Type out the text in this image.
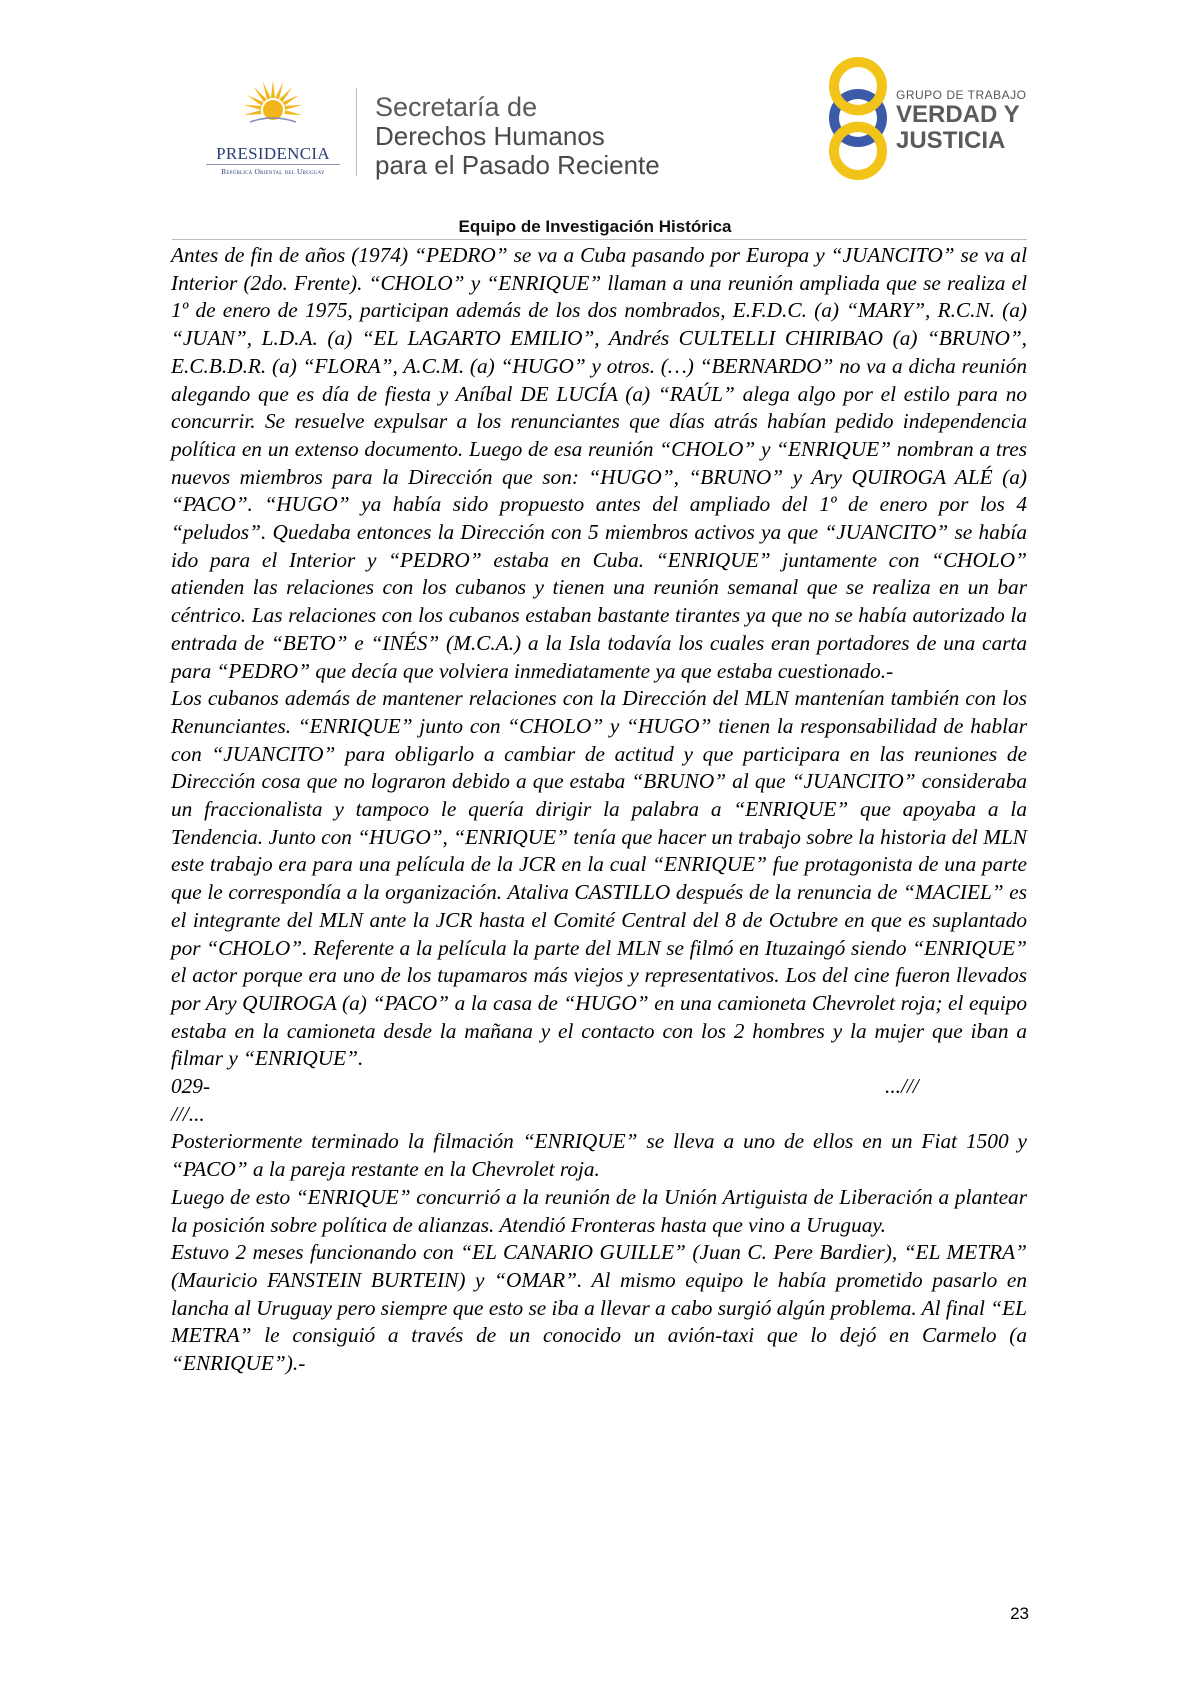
PRESIDENCIA
República Oriental del Uruguay
Secretaría de
Derechos Humanos
para el Pasado Reciente
GRUPO DE TRABAJO
VERDAD Y
JUSTICIA
Equipo de Investigación Histórica

Antes de fin de años (1974) “PEDRO” se va a Cuba pasando por Europa y “JUANCITO” se va al Interior (2do. Frente). “CHOLO” y “ENRIQUE” llaman a una reunión ampliada que se realiza el 1º de enero de 1975, participan además de los dos nombrados, E.F.D.C. (a) “MARY”, R.C.N. (a) “JUAN”, L.D.A. (a) “EL LAGARTO EMILIO”, Andrés CULTELLI CHIRIBAO (a) “BRUNO”, E.C.B.D.R. (a) “FLORA”, A.C.M. (a) “HUGO” y otros. (…) “BERNARDO” no va a dicha reunión alegando que es día de fiesta y Aníbal DE LUCÍA (a) “RAÚL” alega algo por el estilo para no concurrir. Se resuelve expulsar a los renunciantes que días atrás habían pedido independencia política en un extenso documento. Luego de esa reunión “CHOLO” y “ENRIQUE” nombran a tres nuevos miembros para la Dirección que son: “HUGO”, “BRUNO” y Ary QUIROGA ALÉ (a) “PACO”. “HUGO” ya había sido propuesto antes del ampliado del 1º de enero por los 4 “peludos”. Quedaba entonces la Dirección con 5 miembros activos ya que “JUANCITO” se había ido para el Interior y “PEDRO” estaba en Cuba. “ENRIQUE” juntamente con “CHOLO” atienden las relaciones con los cubanos y tienen una reunión semanal que se realiza en un bar céntrico. Las relaciones con los cubanos estaban bastante tirantes ya que no se había autorizado la entrada de “BETO” e “INÉS” (M.C.A.) a la Isla todavía los cuales eran portadores de una carta para “PEDRO” que decía que volviera inmediatamente ya que estaba cuestionado.-

Los cubanos además de mantener relaciones con la Dirección del MLN mantenían también con los Renunciantes. “ENRIQUE” junto con “CHOLO” y “HUGO” tienen la responsabilidad de hablar con “JUANCITO” para obligarlo a cambiar de actitud y que participara en las reuniones de Dirección cosa que no lograron debido a que estaba “BRUNO” al que “JUANCITO” consideraba un fraccionalista y tampoco le quería dirigir la palabra a “ENRIQUE” que apoyaba a la Tendencia. Junto con “HUGO”, “ENRIQUE” tenía que hacer un trabajo sobre la historia del MLN este trabajo era para una película de la JCR en la cual “ENRIQUE” fue protagonista de una parte que le correspondía a la organización. Ataliva CASTILLO después de la renuncia de “MACIEL” es el integrante del MLN ante la JCR hasta el Comité Central del 8 de Octubre en que es suplantado por “CHOLO”. Referente a la película la parte del MLN se filmó en Ituzaingó siendo “ENRIQUE” el actor porque era uno de los tupamaros más viejos y representativos. Los del cine fueron llevados por Ary QUIROGA (a) “PACO” a la casa de “HUGO” en una camioneta Chevrolet roja; el equipo estaba en la camioneta desde la mañana y el contacto con los 2 hombres y la mujer que iban a filmar y “ENRIQUE”.

029-	...///
///...

Posteriormente terminado la filmación “ENRIQUE” se lleva a uno de ellos en un Fiat 1500 y “PACO” a la pareja restante en la Chevrolet roja.

Luego de esto “ENRIQUE” concurrió a la reunión de la Unión Artiguista de Liberación a plantear la posición sobre política de alianzas. Atendió Fronteras hasta que vino a Uruguay.

Estuvo 2 meses funcionando con “EL CANARIO GUILLE” (Juan C. Pere Bardier), “EL METRA” (Mauricio FANSTEIN BURTEIN) y “OMAR”. Al mismo equipo le había prometido pasarlo en lancha al Uruguay pero siempre que esto se iba a llevar a cabo surgió algún problema. Al final “EL METRA” le consiguió a través de un conocido un avión-taxi que lo dejó en Carmelo (a “ENRIQUE”).-

23
